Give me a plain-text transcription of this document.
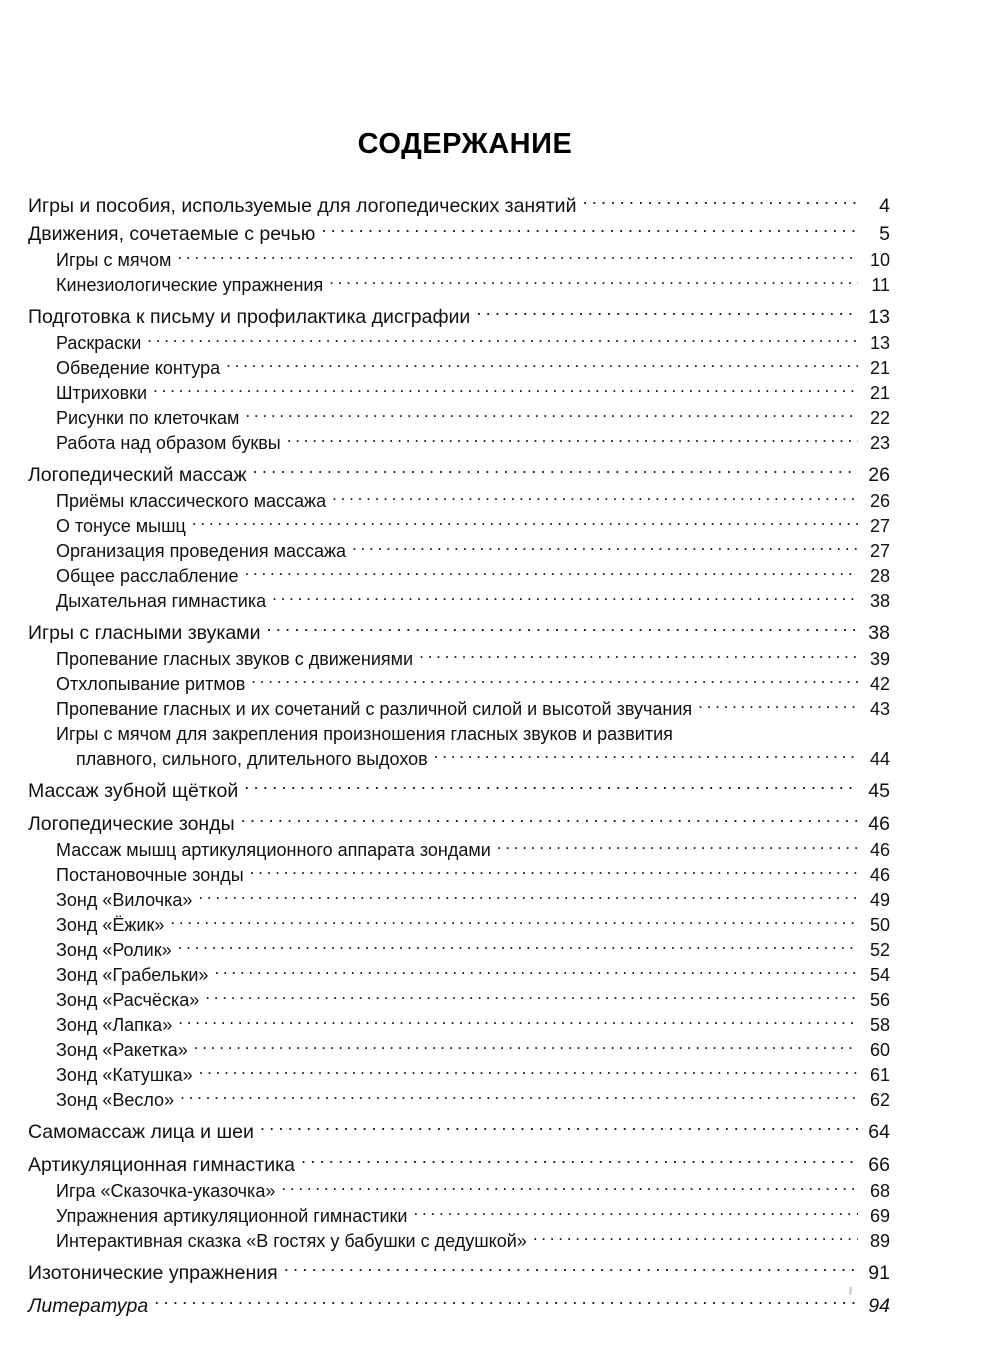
СОДЕРЖАНИЕ
Игры и пособия, используемые для логопедических занятий . . .	4
Движения, сочетаемые с речью . . .	5
Игры с мячом . . .	10
Кинезиологические упражнения . . .	11
Подготовка к письму и профилактика дисграфии . . .	13
Раскраски . . .	13
Обведение контура . . .	21
Штриховки . . .	21
Рисунки по клеточкам . . .	22
Работа над образом буквы . . .	23
Логопедический массаж . . .	26
Приёмы классического массажа . . .	26
О тонусе мышц . . .	27
Организация проведения массажа . . .	27
Общее расслабление . . .	28
Дыхательная гимнастика . . .	38
Игры с гласными звуками . . .	38
Пропевание гласных звуков с движениями . . .	39
Отхлопывание ритмов . . .	42
Пропевание гласных и их сочетаний с различной силой и высотой звучания . . .	43
Игры с мячом для закрепления произношения гласных звуков и развития
плавного, сильного, длительного выдохов . . .	44
Массаж зубной щёткой . . .	45
Логопедические зонды . . .	46
Массаж мышц артикуляционного аппарата зондами . . .	46
Постановочные зонды . . .	46
Зонд «Вилочка» . . .	49
Зонд «Ёжик» . . .	50
Зонд «Ролик» . . .	52
Зонд «Грабельки» . . .	54
Зонд «Расчёска» . . .	56
Зонд «Лапка» . . .	58
Зонд «Ракетка» . . .	60
Зонд «Катушка» . . .	61
Зонд «Весло» . . .	62
Самомассаж лица и шеи . . .	64
Артикуляционная гимнастика . . .	66
Игра «Сказочка-указочка» . . .	68
Упражнения артикуляционной гимнастики . . .	69
Интерактивная сказка «В гостях у бабушки с дедушкой» . . .	89
Изотонические упражнения . . .	91
Литература . . .	94
